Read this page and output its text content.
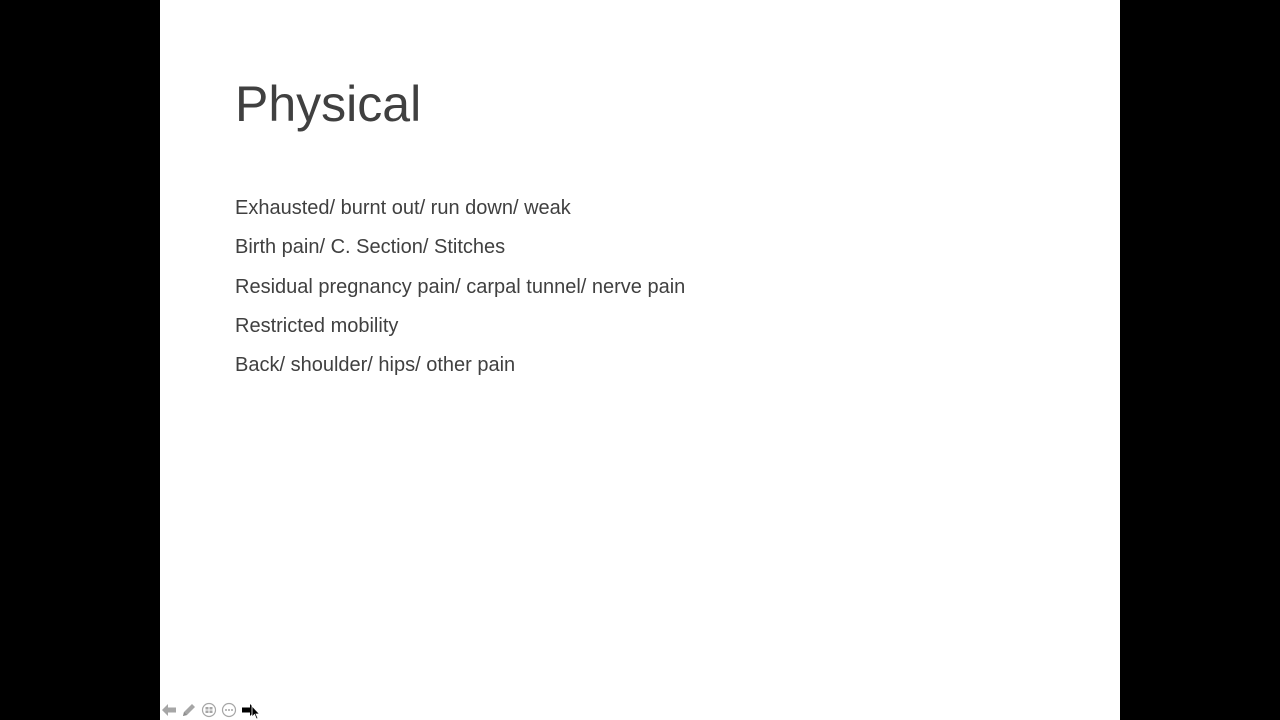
Physical
Exhausted/ burnt out/ run down/ weak
Birth pain/ C. Section/ Stitches
Residual pregnancy pain/ carpal tunnel/ nerve pain
Restricted mobility
Back/ shoulder/ hips/ other pain
